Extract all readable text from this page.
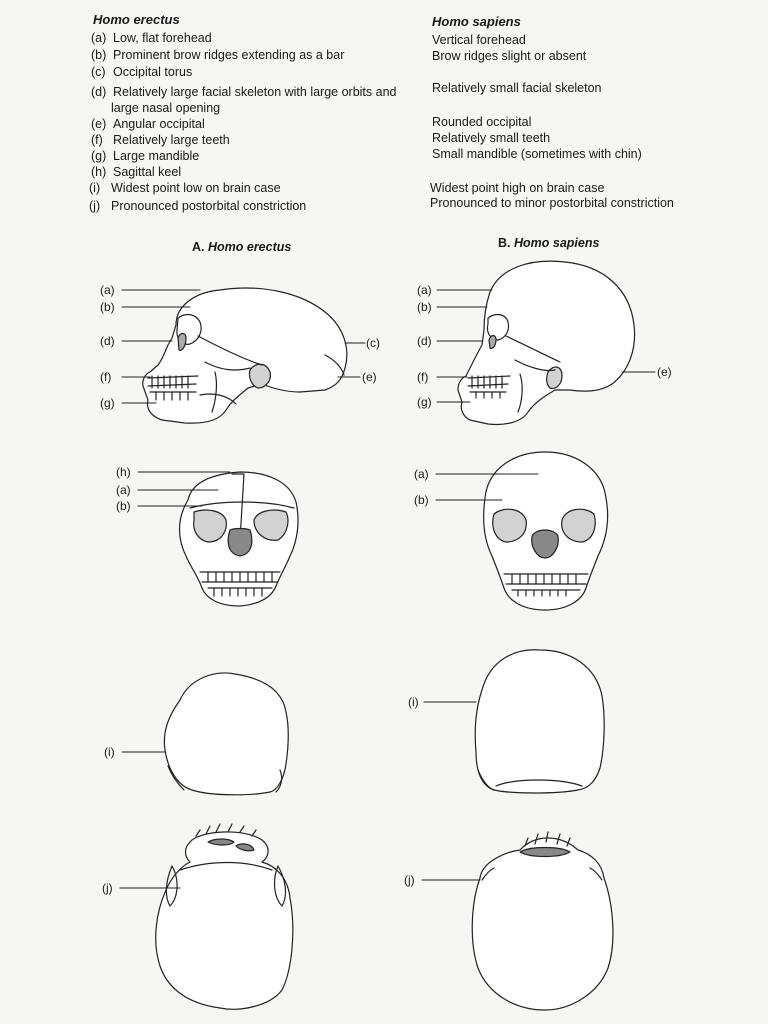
Homo erectus	Homo sapiens
(a) Low, flat forehead
(b) Prominent brow ridges extending as a bar
(c) Occipital torus
(d) Relatively large facial skeleton with large orbits and
large nasal opening
(e) Angular occipital
(f) Relatively large teeth
(g) Large mandible
(h) Sagittal keel
(i) Widest point low on brain case
(j) Pronounced postorbital constriction
Vertical forehead
Brow ridges slight or absent
Relatively small facial skeleton
Rounded occipital
Relatively small teeth
Small mandible (sometimes with chin)
Widest point high on brain case
Pronounced to minor postorbital constriction
A. Homo erectus	B. Homo sapiens
(a)
(b)
(d)
(f)
(g)
(c)
(e)
(a)
(b)
(d)
(f)
(g)
(e)
(h)
(a)
(b)
(a)
(b)
(i)
(i)
(j)
(j)
